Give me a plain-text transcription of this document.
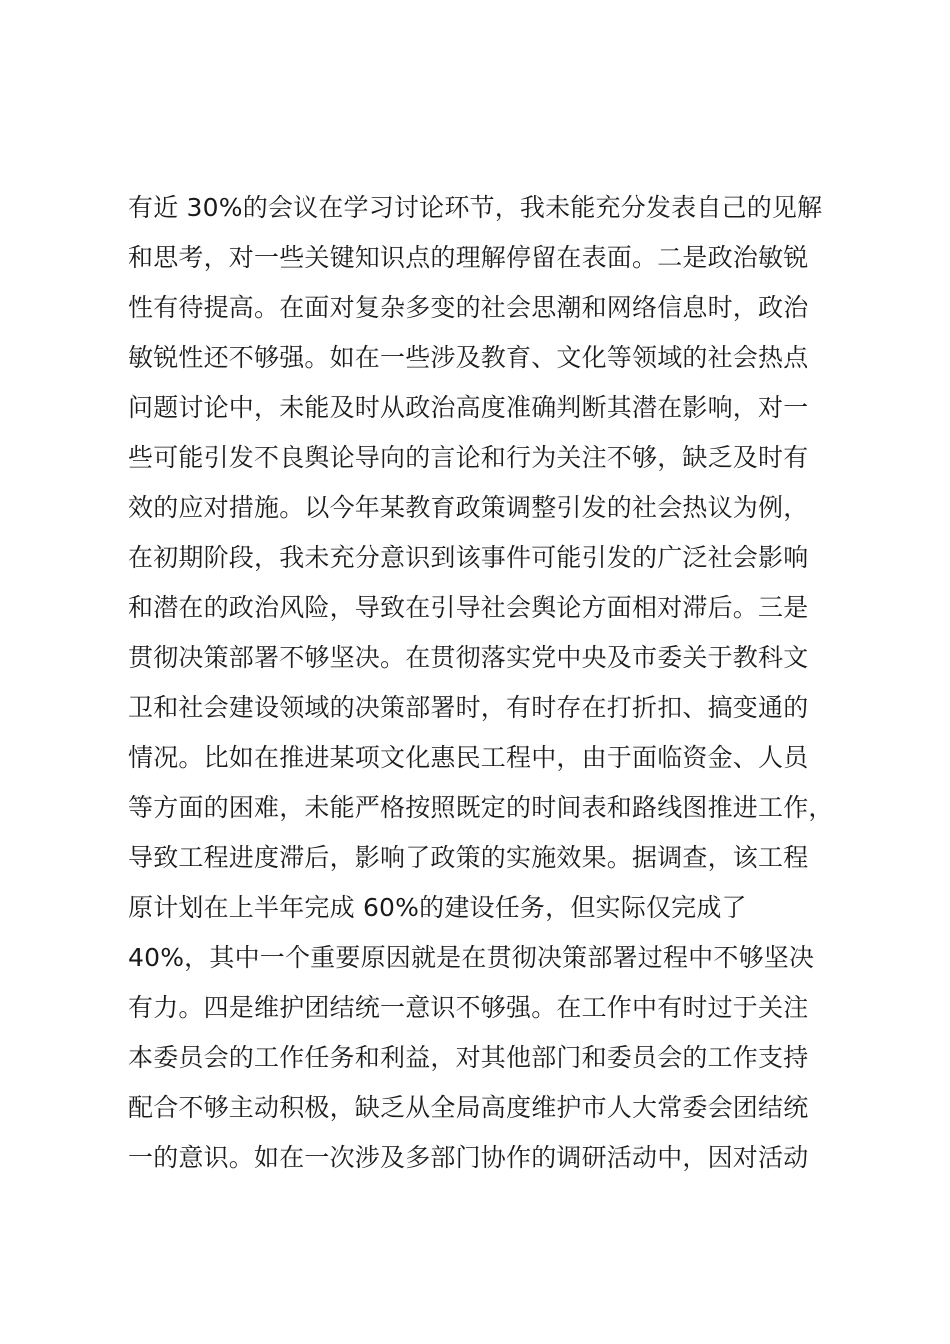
有近 30%的会议在学习讨论环节，我未能充分发表自己的见解
和思考，对一些关键知识点的理解停留在表面。二是政治敏锐
性有待提高。在面对复杂多变的社会思潮和网络信息时，政治
敏锐性还不够强。如在一些涉及教育、文化等领域的社会热点
问题讨论中，未能及时从政治高度准确判断其潜在影响，对一
些可能引发不良舆论导向的言论和行为关注不够，缺乏及时有
效的应对措施。以今年某教育政策调整引发的社会热议为例，
在初期阶段，我未充分意识到该事件可能引发的广泛社会影响
和潜在的政治风险，导致在引导社会舆论方面相对滞后。三是
贯彻决策部署不够坚决。在贯彻落实党中央及市委关于教科文
卫和社会建设领域的决策部署时，有时存在打折扣、搞变通的
情况。比如在推进某项文化惠民工程中，由于面临资金、人员
等方面的困难，未能严格按照既定的时间表和路线图推进工作，
导致工程进度滞后，影响了政策的实施效果。据调查，该工程
原计划在上半年完成 60%的建设任务，但实际仅完成了
40%，其中一个重要原因就是在贯彻决策部署过程中不够坚决
有力。四是维护团结统一意识不够强。在工作中有时过于关注
本委员会的工作任务和利益，对其他部门和委员会的工作支持
配合不够主动积极，缺乏从全局高度维护市人大常委会团结统
一的意识。如在一次涉及多部门协作的调研活动中，因对活动
